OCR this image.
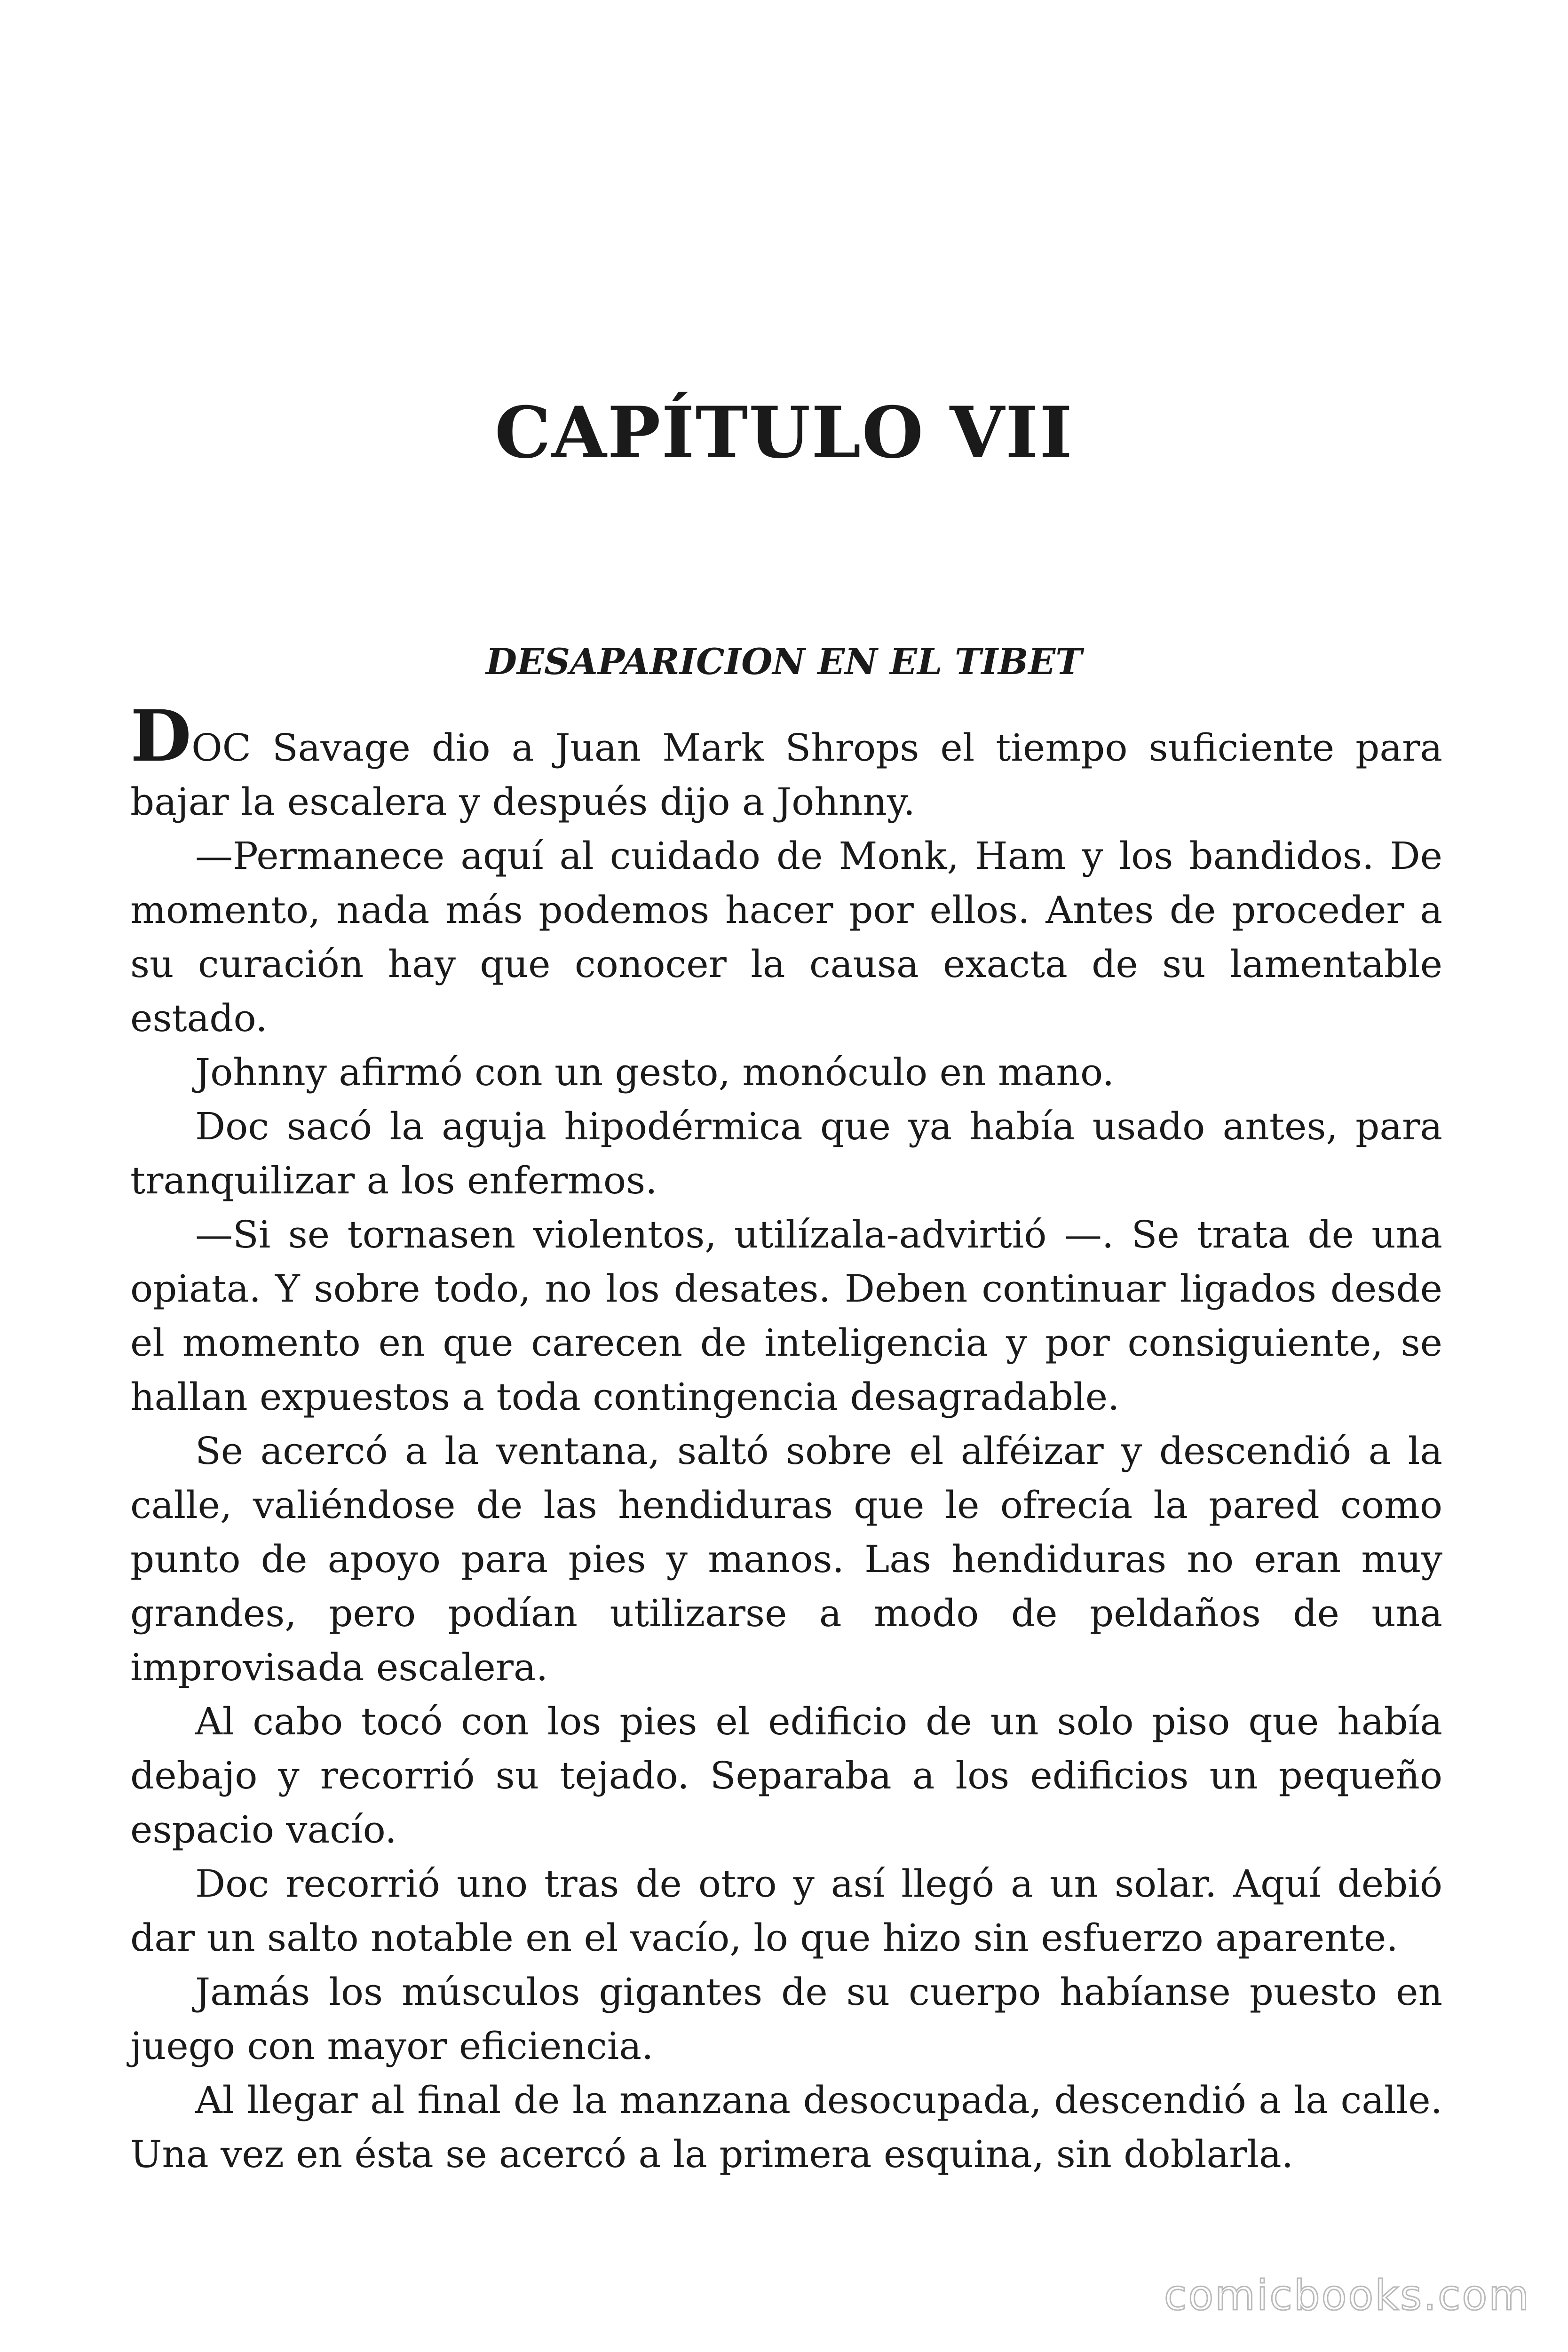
CAPÍTULO VII
DESAPARICION EN EL TIBET

DOC Savage dio a Juan Mark Shrops el tiempo suficiente para bajar la escalera y después dijo a Johnny.

—Permanece aquí al cuidado de Monk, Ham y los bandidos. De momento, nada más podemos hacer por ellos. Antes de proceder a su curación hay que conocer la causa exacta de su lamentable estado.

Johnny afirmó con un gesto, monóculo en mano.

Doc sacó la aguja hipodérmica que ya había usado antes, para tranquilizar a los enfermos.

—Si se tornasen violentos, utilízala-advirtió —. Se trata de una opiata. Y sobre todo, no los desates. Deben continuar ligados desde el momento en que carecen de inteligencia y por consiguiente, se hallan expuestos a toda contingencia desagradable.

Se acercó a la ventana, saltó sobre el alféizar y descendió a la calle, valiéndose de las hendiduras que le ofrecía la pared como punto de apoyo para pies y manos. Las hendiduras no eran muy grandes, pero podían utilizarse a modo de peldaños de una improvisada escalera.

Al cabo tocó con los pies el edificio de un solo piso que había debajo y recorrió su tejado. Separaba a los edificios un pequeño espacio vacío.

Doc recorrió uno tras de otro y así llegó a un solar. Aquí debió dar un salto notable en el vacío, lo que hizo sin esfuerzo aparente.

Jamás los músculos gigantes de su cuerpo habíanse puesto en juego con mayor eficiencia.

Al llegar al final de la manzana desocupada, descendió a la calle. Una vez en ésta se acercó a la primera esquina, sin doblarla.

comicbooks.com
